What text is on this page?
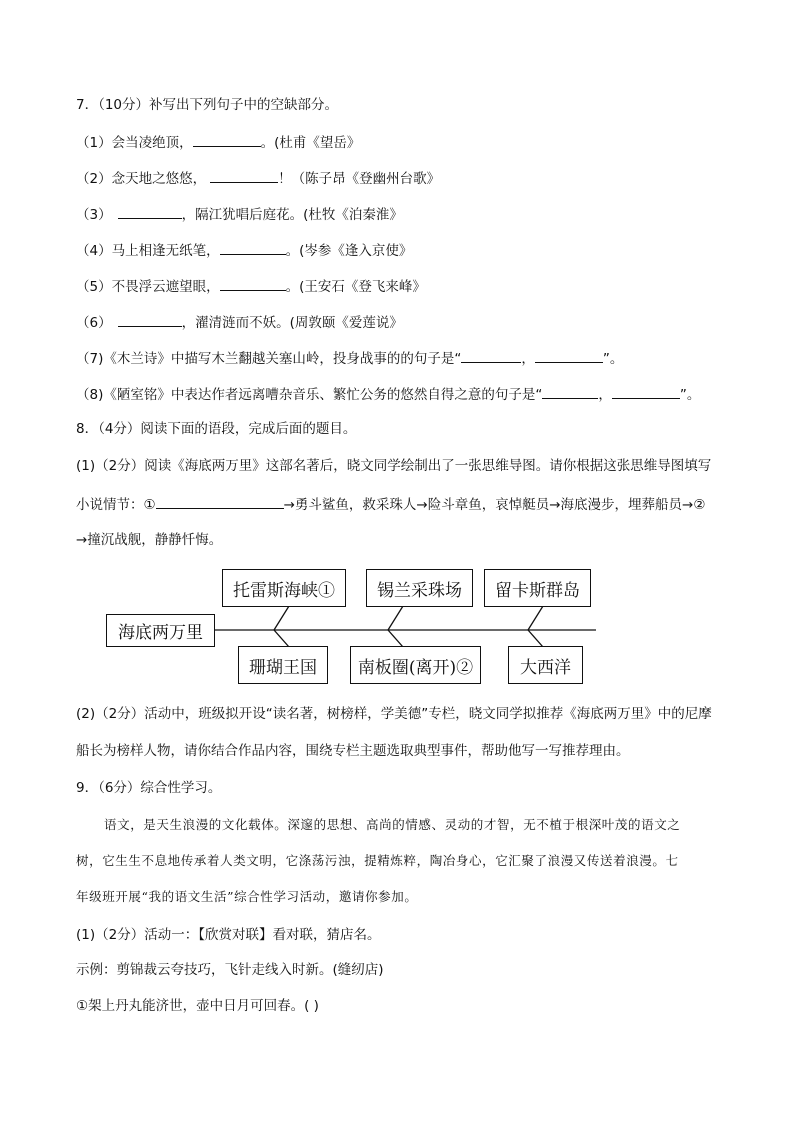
7．（10分）补写出下列句子中的空缺部分。
（1）会当凌绝顶，	。(杜甫《望岳》
（2）念天地之悠悠，	！（陈子昂《登幽州台歌》
（3）	，隔江犹唱后庭花。(杜牧《泊秦淮》
（4）马上相逢无纸笔，	。(岑参《逢入京使》
（5）不畏浮云遮望眼，	。(王安石《登飞来峰》
（6）	，濯清涟而不妖。(周敦颐《爱莲说》
（7)《木兰诗》中描写木兰翻越关塞山岭，投身战事的的句子是“	，	”。
（8)《陋室铭》中表达作者远离嘈杂音乐、繁忙公务的悠然自得之意的句子是“	，	”。
8．（4分）阅读下面的语段，完成后面的题目。
(1)（2分）阅读《海底两万里》这部名著后，晓文同学绘制出了一张思维导图。请你根据这张思维导图填写
小说情节：①	→勇斗鲨鱼，救采珠人→险斗章鱼，哀悼艇员→海底漫步，埋葬船员→②
→撞沉战舰，静静忏悔。
海底两万里
托雷斯海峡① 锡兰采珠场 留卡斯群岛
珊瑚王国 南板圈(离开)②	大西洋
(2)（2分）活动中，班级拟开设“读名著，树榜样，学美德”专栏，晓文同学拟推荐《海底两万里》中的尼摩
船长为榜样人物，请你结合作品内容，围绕专栏主题选取典型事件，帮助他写一写推荐理由。
9．（6分）综合性学习。
语文，是天生浪漫的文化载体。深邃的思想、高尚的情感、灵动的才智，无不植于根深叶茂的语文之
树，它生生不息地传承着人类文明，它涤荡污浊，提精炼粹，陶冶身心，它汇聚了浪漫又传送着浪漫。七
年级班开展“我的语文生活”综合性学习活动，邀请你参加。
(1)（2分）活动一：【欣赏对联】看对联，猜店名。
示例：剪锦裁云夸技巧，飞针走线入时新。(缝纫店)
①架上丹丸能济世，壶中日月可回春。( )
